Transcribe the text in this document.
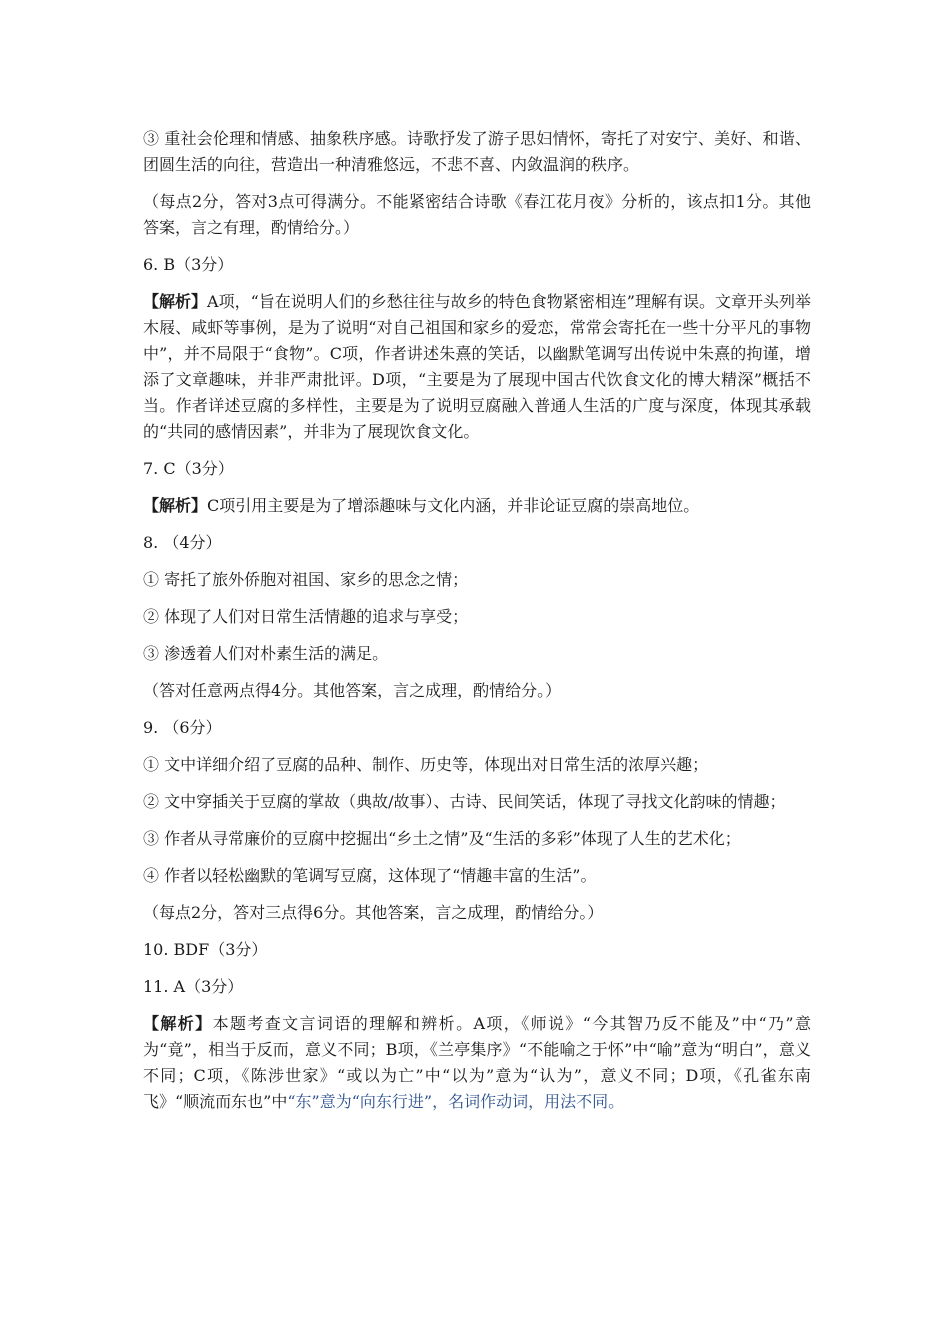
③ 重社会伦理和情感、抽象秩序感。诗歌抒发了游子思妇情怀，寄托了对安宁、美好、和谐、团圆生活的向往，营造出一种清雅悠远，不悲不喜、内敛温润的秩序。

（每点2分，答对3点可得满分。不能紧密结合诗歌《春江花月夜》分析的，该点扣1分。其他答案，言之有理，酌情给分。）

6. B（3分）

【解析】A项，“旨在说明人们的乡愁往往与故乡的特色食物紧密相连”理解有误。文章开头列举木屐、咸虾等事例，是为了说明“对自己祖国和家乡的爱恋，常常会寄托在一些十分平凡的事物中”，并不局限于“食物”。C项，作者讲述朱熹的笑话，以幽默笔调写出传说中朱熹的拘谨，增添了文章趣味，并非严肃批评。D项，“主要是为了展现中国古代饮食文化的博大精深”概括不当。作者详述豆腐的多样性，主要是为了说明豆腐融入普通人生活的广度与深度，体现其承载的“共同的感情因素”，并非为了展现饮食文化。

7. C（3分）

【解析】C项引用主要是为了增添趣味与文化内涵，并非论证豆腐的崇高地位。

8. （4分）

① 寄托了旅外侨胞对祖国、家乡的思念之情；

② 体现了人们对日常生活情趣的追求与享受；

③ 渗透着人们对朴素生活的满足。

（答对任意两点得4分。其他答案，言之成理，酌情给分。）

9. （6分）

① 文中详细介绍了豆腐的品种、制作、历史等，体现出对日常生活的浓厚兴趣；

② 文中穿插关于豆腐的掌故（典故/故事）、古诗、民间笑话，体现了寻找文化韵味的情趣；

③ 作者从寻常廉价的豆腐中挖掘出“乡土之情”及“生活的多彩”体现了人生的艺术化；

④ 作者以轻松幽默的笔调写豆腐，这体现了“情趣丰富的生活”。

（每点2分，答对三点得6分。其他答案，言之成理，酌情给分。）

10. BDF（3分）

11. A（3分）

【解析】本题考查文言词语的理解和辨析。A项，《师说》“今其智乃反不能及”中“乃”意为“竟”，相当于反而，意义不同；B项，《兰亭集序》“不能喻之于怀”中“喻”意为“明白”，意义不同；C项，《陈涉世家》“或以为亡”中“以为”意为“认为”，意义不同；D项，《孔雀东南飞》“顺流而东也”中“东”意为“向东行进”，名词作动词，用法不同。
